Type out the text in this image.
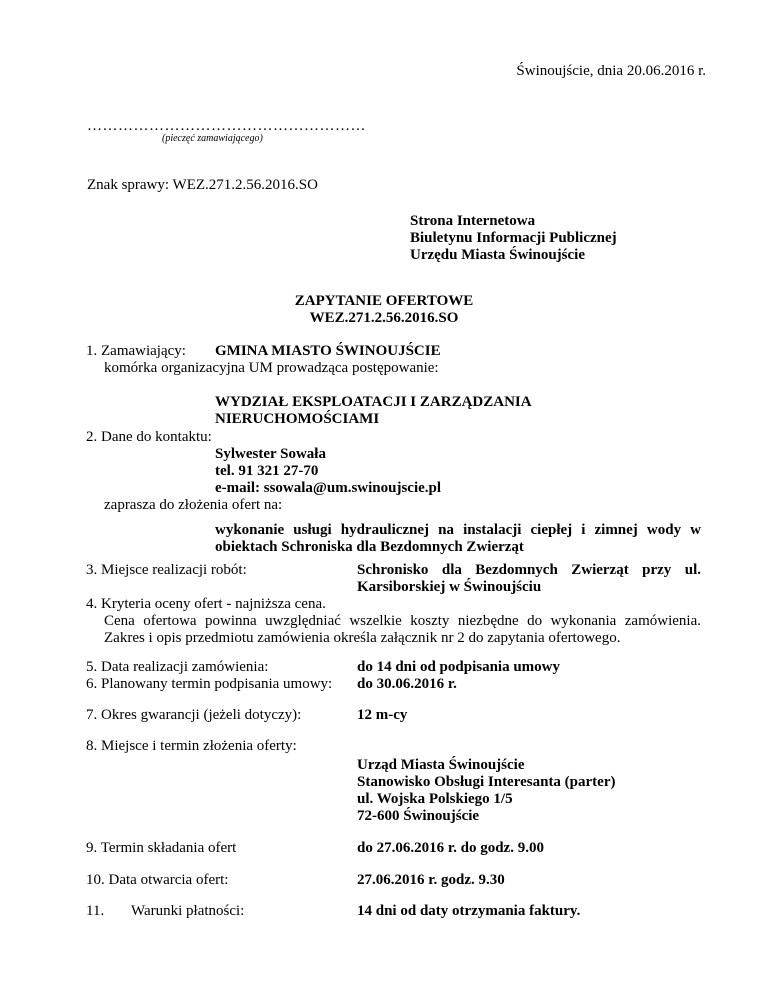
Świnoujście, dnia 20.06.2016 r.
………………………………………………
(pieczęć zamawiającego)
Znak sprawy: WEZ.271.2.56.2016.SO
Strona Internetowa
Biuletynu Informacji Publicznej
Urzędu Miasta Świnoujście
ZAPYTANIE OFERTOWE
WEZ.271.2.56.2016.SO
1. Zamawiający: GMINA MIASTO ŚWINOUJŚCIE
komórka organizacyjna UM prowadząca postępowanie:
WYDZIAŁ EKSPLOATACJI I ZARZĄDZANIA
NIERUCHOMOŚCIAMI
2. Dane do kontaktu:
Sylwester Sowała
tel. 91 321 27-70
e-mail: ssowala@um.swinoujscie.pl
zaprasza do złożenia ofert na:
wykonanie usługi hydraulicznej na instalacji ciepłej i zimnej wody w
obiektach Schroniska dla Bezdomnych Zwierząt
3. Miejsce realizacji robót:	Schronisko dla Bezdomnych Zwierząt przy ul.
Karsiborskiej w Świnoujściu
4. Kryteria oceny ofert - najniższa cena.
Cena ofertowa powinna uwzględniać wszelkie koszty niezbędne do wykonania zamówienia.
Zakres i opis przedmiotu zamówienia określa załącznik nr 2 do zapytania ofertowego.
5. Data realizacji zamówienia:	do 14 dni od podpisania umowy
6. Planowany termin podpisania umowy: do 30.06.2016 r.
7. Okres gwarancji (jeżeli dotyczy):	12 m-cy
8. Miejsce i termin złożenia oferty:
Urząd Miasta Świnoujście
Stanowisko Obsługi Interesanta (parter)
ul. Wojska Polskiego 1/5
72-600 Świnoujście
9. Termin składania ofert	do 27.06.2016 r. do godz. 9.00
10. Data otwarcia ofert:	27.06.2016 r. godz. 9.30
11. Warunki płatności:	14 dni od daty otrzymania faktury.
